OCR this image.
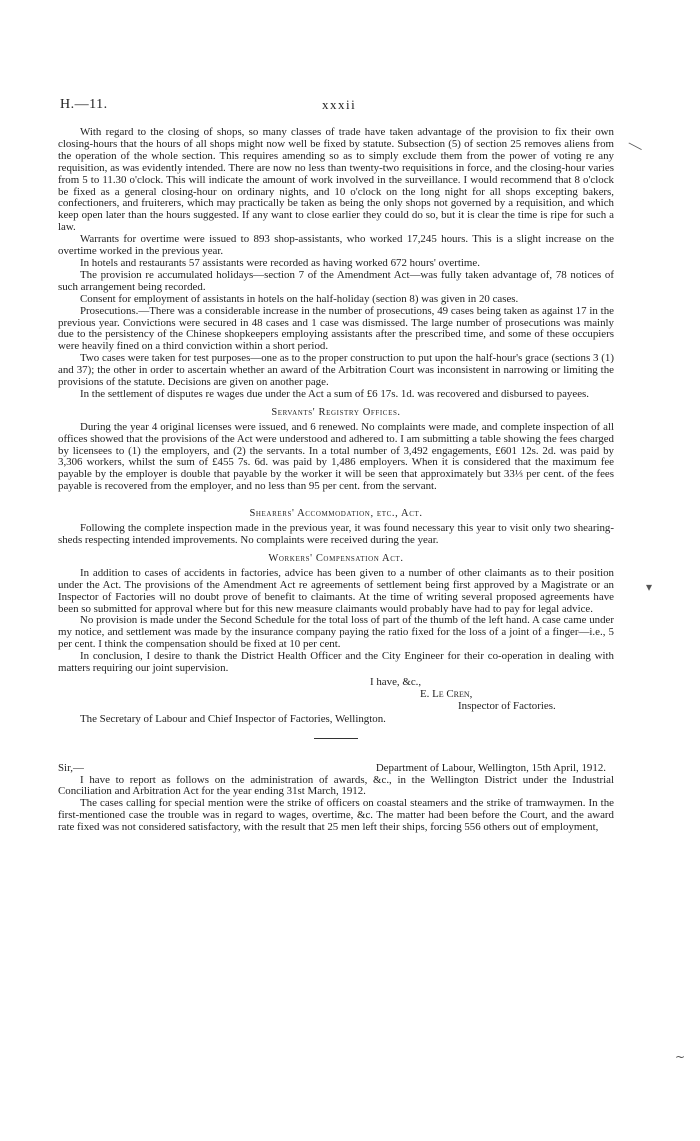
H.—11.	xxxii
╲
▾
~

With regard to the closing of shops, so many classes of trade have taken advantage of the provision to fix their own closing-hours that the hours of all shops might now well be fixed by statute. Subsection (5) of section 25 removes aliens from the operation of the whole section. This requires amending so as to simply exclude them from the power of voting re any requisition, as was evidently intended. There are now no less than twenty-two requisitions in force, and the closing-hour varies from 5 to 11.30 o'clock. This will indicate the amount of work involved in the surveillance. I would recommend that 8 o'clock be fixed as a general closing-hour on ordinary nights, and 10 o'clock on the long night for all shops excepting bakers, confectioners, and fruiterers, which may practically be taken as being the only shops not governed by a requisition, and which keep open later than the hours suggested. If any want to close earlier they could do so, but it is clear the time is ripe for such a law.

Warrants for overtime were issued to 893 shop-assistants, who worked 17,245 hours. This is a slight increase on the overtime worked in the previous year.

In hotels and restaurants 57 assistants were recorded as having worked 672 hours' overtime.

The provision re accumulated holidays—section 7 of the Amendment Act—was fully taken advantage of, 78 notices of such arrangement being recorded.

Consent for employment of assistants in hotels on the half-holiday (section 8) was given in 20 cases.

Prosecutions.—There was a considerable increase in the number of prosecutions, 49 cases being taken as against 17 in the previous year. Convictions were secured in 48 cases and 1 case was dismissed. The large number of prosecutions was mainly due to the persistency of the Chinese shopkeepers employing assistants after the prescribed time, and some of these occupiers were heavily fined on a third conviction within a short period.

Two cases were taken for test purposes—one as to the proper construction to put upon the half-hour's grace (sections 3 (1) and 37); the other in order to ascertain whether an award of the Arbitration Court was inconsistent in narrowing or limiting the provisions of the statute. Decisions are given on another page.

In the settlement of disputes re wages due under the Act a sum of £6 17s. 1d. was recovered and disbursed to payees.

Servants' Registry Offices.

During the year 4 original licenses were issued, and 6 renewed. No complaints were made, and complete inspection of all offices showed that the provisions of the Act were understood and adhered to. I am submitting a table showing the fees charged by licensees to (1) the employers, and (2) the servants. In a total number of 3,492 engagements, £601 12s. 2d. was paid by 3,306 workers, whilst the sum of £455 7s. 6d. was paid by 1,486 employers. When it is considered that the maximum fee payable by the employer is double that payable by the worker it will be seen that approximately but 33⅓ per cent. of the fees payable is recovered from the employer, and no less than 95 per cent. from the servant.

Shearers' Accommodation, etc., Act.

Following the complete inspection made in the previous year, it was found necessary this year to visit only two shearing-sheds respecting intended improvements. No complaints were received during the year.

Workers' Compensation Act.

In addition to cases of accidents in factories, advice has been given to a number of other claimants as to their position under the Act. The provisions of the Amendment Act re agreements of settlement being first approved by a Magistrate or an Inspector of Factories will no doubt prove of benefit to claimants. At the time of writing several proposed agreements have been so submitted for approval where but for this new measure claimants would probably have had to pay for legal advice.

No provision is made under the Second Schedule for the total loss of part of the thumb of the left hand. A case came under my notice, and settlement was made by the insurance company paying the ratio fixed for the loss of a joint of a finger—i.e., 5 per cent. I think the compensation should be fixed at 10 per cent.

In conclusion, I desire to thank the District Health Officer and the City Engineer for their co-operation in dealing with matters requiring our joint supervision.

I have, &c.,
E. Le Cren,
Inspector of Factories.
The Secretary of Labour and Chief Inspector of Factories, Wellington.
Sir,—	Department of Labour, Wellington, 15th April, 1912.

I have to report as follows on the administration of awards, &c., in the Wellington District under the Industrial Conciliation and Arbitration Act for the year ending 31st March, 1912.

The cases calling for special mention were the strike of officers on coastal steamers and the strike of tramwaymen. In the first-mentioned case the trouble was in regard to wages, overtime, &c. The matter had been before the Court, and the award rate fixed was not considered satisfactory, with the result that 25 men left their ships, forcing 556 others out of employment,
